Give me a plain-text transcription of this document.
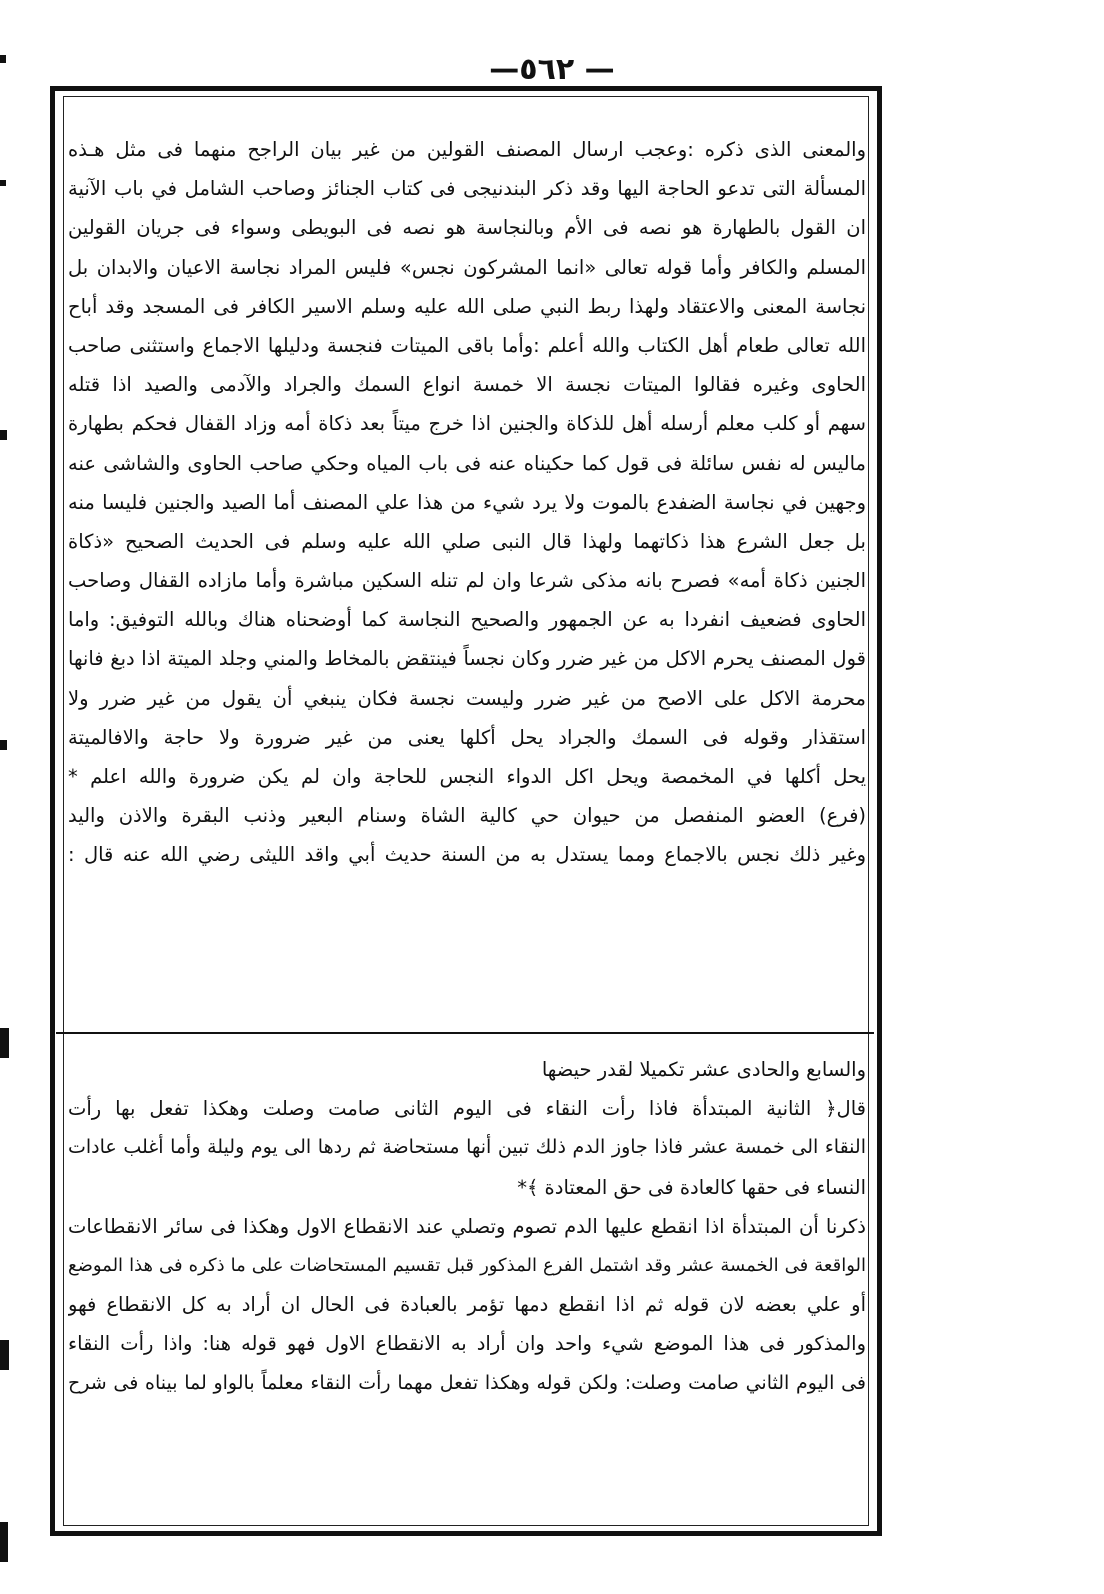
— ٥٦٢—
والمعنى الذى ذكره :وعجب ارسال المصنف القولين من غير بيان الراجح منهما فى مثل هـذه
المسألة التى تدعو الحاجة اليها وقد ذكر البندنيجى فى كتاب الجنائز وصاحب الشامل في باب الآنية
ان القول بالطهارة هو نصه فى الأم وبالنجاسة هو نصه فى البويطى وسواء فى جريان القولين
المسلم والكافر وأما قوله تعالى «انما المشركون نجس» فليس المراد نجاسة الاعيان والابدان بل
نجاسة المعنى والاعتقاد ولهذا ربط النبي صلى الله عليه وسلم الاسير الكافر فى المسجد وقد أباح
الله تعالى طعام أهل الكتاب والله أعلم :وأما باقى الميتات فنجسة ودليلها الاجماع واستثنى صاحب
الحاوى وغيره فقالوا الميتات نجسة الا خمسة انواع السمك والجراد والآدمى والصيد اذا قتله
سهم أو كلب معلم أرسله أهل للذكاة والجنين اذا خرج ميتاً بعد ذكاة أمه وزاد القفال فحكم بطهارة
ماليس له نفس سائلة فى قول كما حكيناه عنه فى باب المياه وحكي صاحب الحاوى والشاشى عنه
وجهين في نجاسة الضفدع بالموت ولا يرد شيء من هذا علي المصنف أما الصيد والجنين فليسا منه
بل جعل الشرع هذا ذكاتهما ولهذا قال النبى صلي الله عليه وسلم فى الحديث الصحيح «ذكاة
الجنين ذكاة أمه» فصرح بانه مذكى شرعا وان لم تنله السكين مباشرة وأما مازاده القفال وصاحب
الحاوى فضعيف انفردا به عن الجمهور والصحيح النجاسة كما أوضحناه هناك وبالله التوفيق: واما
قول المصنف يحرم الاكل من غير ضرر وكان نجساً فينتقض بالمخاط والمني وجلد الميتة اذا دبغ فانها
محرمة الاكل على الاصح من غير ضرر وليست نجسة فكان ينبغي أن يقول من غير ضرر ولا
استقذار وقوله فى السمك والجراد يحل أكلها يعنى من غير ضرورة ولا حاجة والافالميتة
يحل أكلها في المخمصة ويحل اكل الدواء النجس للحاجة وان لم يكن ضرورة والله اعلم *
(فرع) العضو المنفصل من حيوان حي كالية الشاة وسنام البعير وذنب البقرة والاذن واليد
وغير ذلك نجس بالاجماع ومما يستدل به من السنة حديث أبي واقد الليثى رضي الله عنه قال :
والسابع والحادى عشر تكميلا لقدر حيضها
قال﴿ الثانية المبتدأة فاذا رأت النقاء فى اليوم الثانى صامت وصلت وهكذا تفعل بها رأت
النقاء الى خمسة عشر فاذا جاوز الدم ذلك تبين أنها مستحاضة ثم ردها الى يوم وليلة وأما أغلب عادات
النساء فى حقها كالعادة فى حق المعتادة ﴾*
ذكرنا أن المبتدأة اذا انقطع عليها الدم تصوم وتصلي عند الانقطاع الاول وهكذا فى سائر الانقطاعات
الواقعة فى الخمسة عشر وقد اشتمل الفرع المذكور قبل تقسيم المستحاضات على ما ذكره فى هذا الموضع
أو علي بعضه لان قوله ثم اذا انقطع دمها تؤمر بالعبادة فى الحال ان أراد به كل الانقطاع فهو
والمذكور فى هذا الموضع شيء واحد وان أراد به الانقطاع الاول فهو قوله هنا: واذا رأت النقاء
فى اليوم الثاني صامت وصلت: ولكن قوله وهكذا تفعل مهما رأت النقاء معلماً بالواو لما بيناه فى شرح
